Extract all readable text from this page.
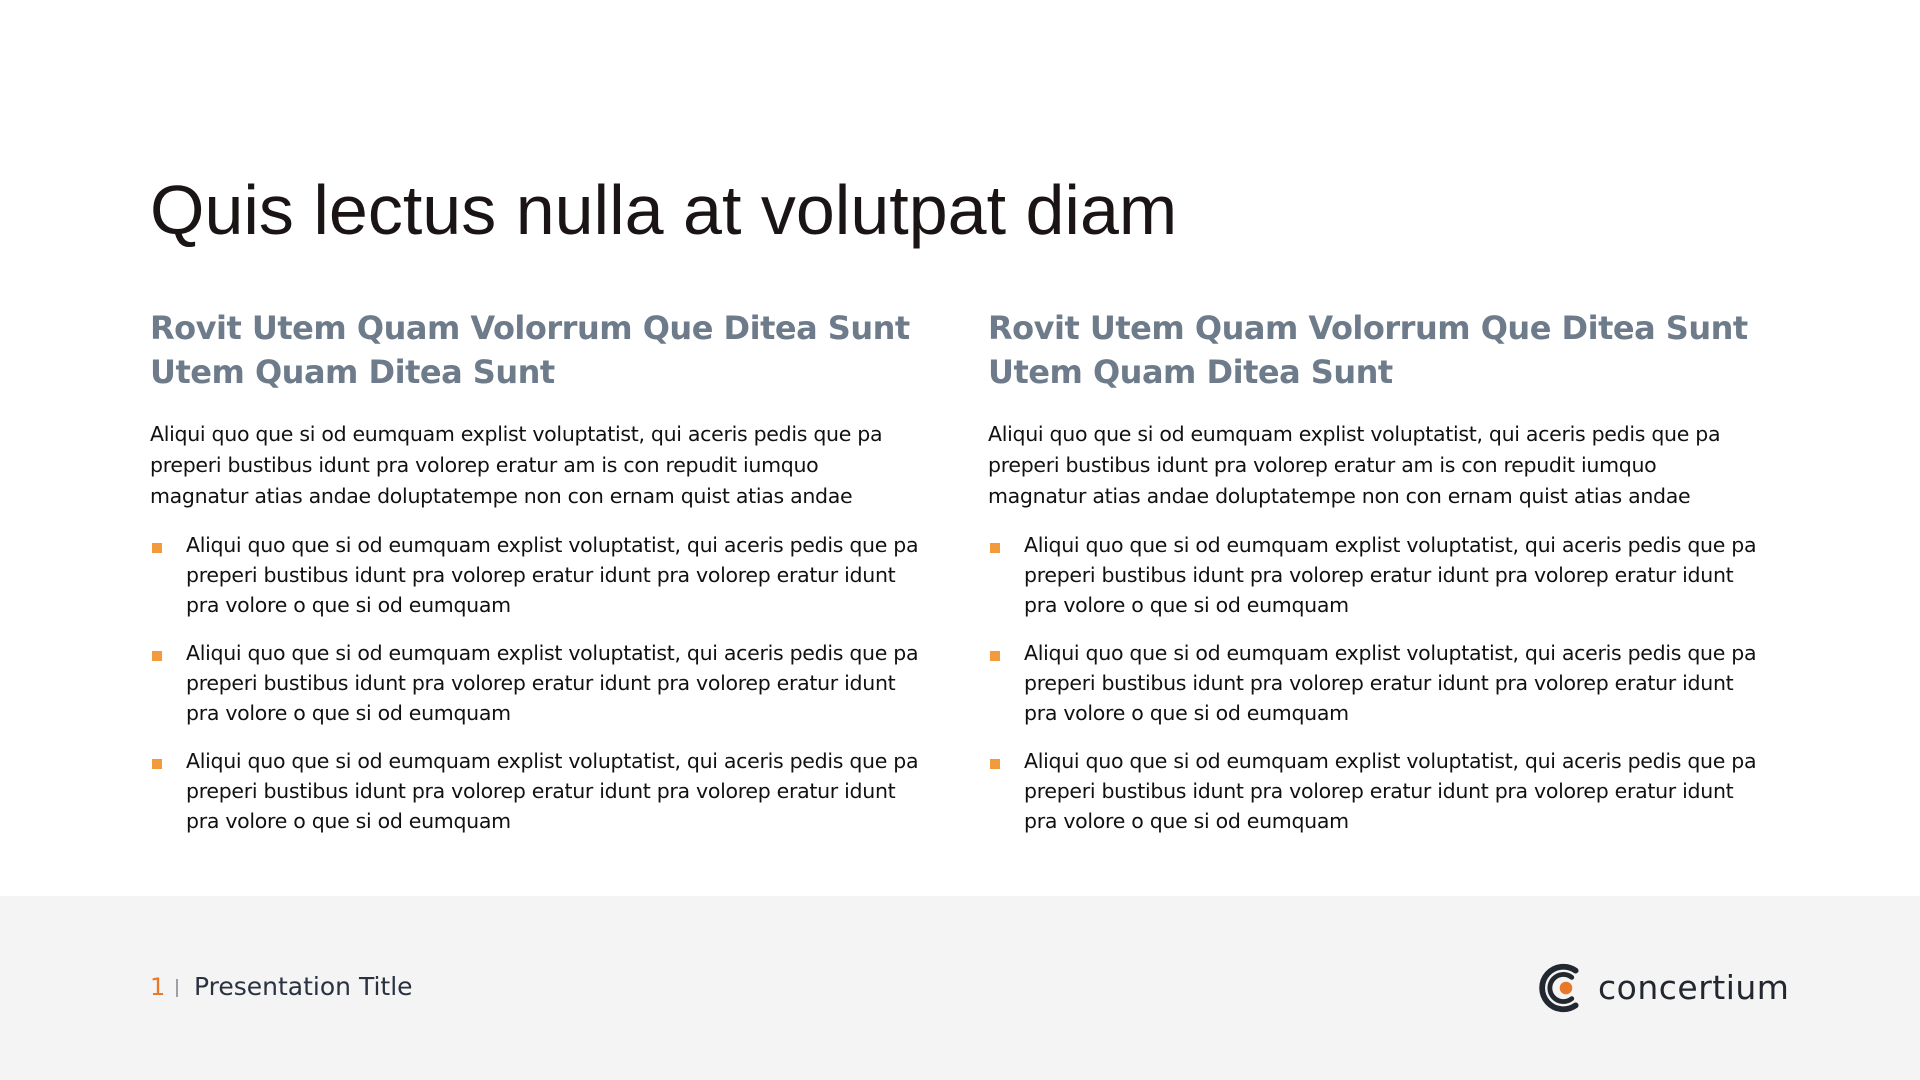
Quis lectus nulla at volutpat diam
Rovit Utem Quam Volorrum Que Ditea Sunt Utem Quam Ditea Sunt

Aliqui quo que si od eumquam explist voluptatist, qui aceris pedis que pa preperi bustibus idunt pra volorep eratur am is con repudit iumquo magnatur atias andae doluptatempe non con ernam quist atias andae

Aliqui quo que si od eumquam explist voluptatist, qui aceris pedis que pa preperi bustibus idunt pra volorep eratur idunt pra volorep eratur idunt pra volore o que si od eumquam
Aliqui quo que si od eumquam explist voluptatist, qui aceris pedis que pa preperi bustibus idunt pra volorep eratur idunt pra volorep eratur idunt pra volore o que si od eumquam
Aliqui quo que si od eumquam explist voluptatist, qui aceris pedis que pa preperi bustibus idunt pra volorep eratur idunt pra volorep eratur idunt pra volore o que si od eumquam
Rovit Utem Quam Volorrum Que Ditea Sunt Utem Quam Ditea Sunt

Aliqui quo que si od eumquam explist voluptatist, qui aceris pedis que pa preperi bustibus idunt pra volorep eratur am is con repudit iumquo magnatur atias andae doluptatempe non con ernam quist atias andae

Aliqui quo que si od eumquam explist voluptatist, qui aceris pedis que pa preperi bustibus idunt pra volorep eratur idunt pra volorep eratur idunt pra volore o que si od eumquam
Aliqui quo que si od eumquam explist voluptatist, qui aceris pedis que pa preperi bustibus idunt pra volorep eratur idunt pra volorep eratur idunt pra volore o que si od eumquam
Aliqui quo que si od eumquam explist voluptatist, qui aceris pedis que pa preperi bustibus idunt pra volorep eratur idunt pra volorep eratur idunt pra volore o que si od eumquam
1 Presentation Title	concertium
